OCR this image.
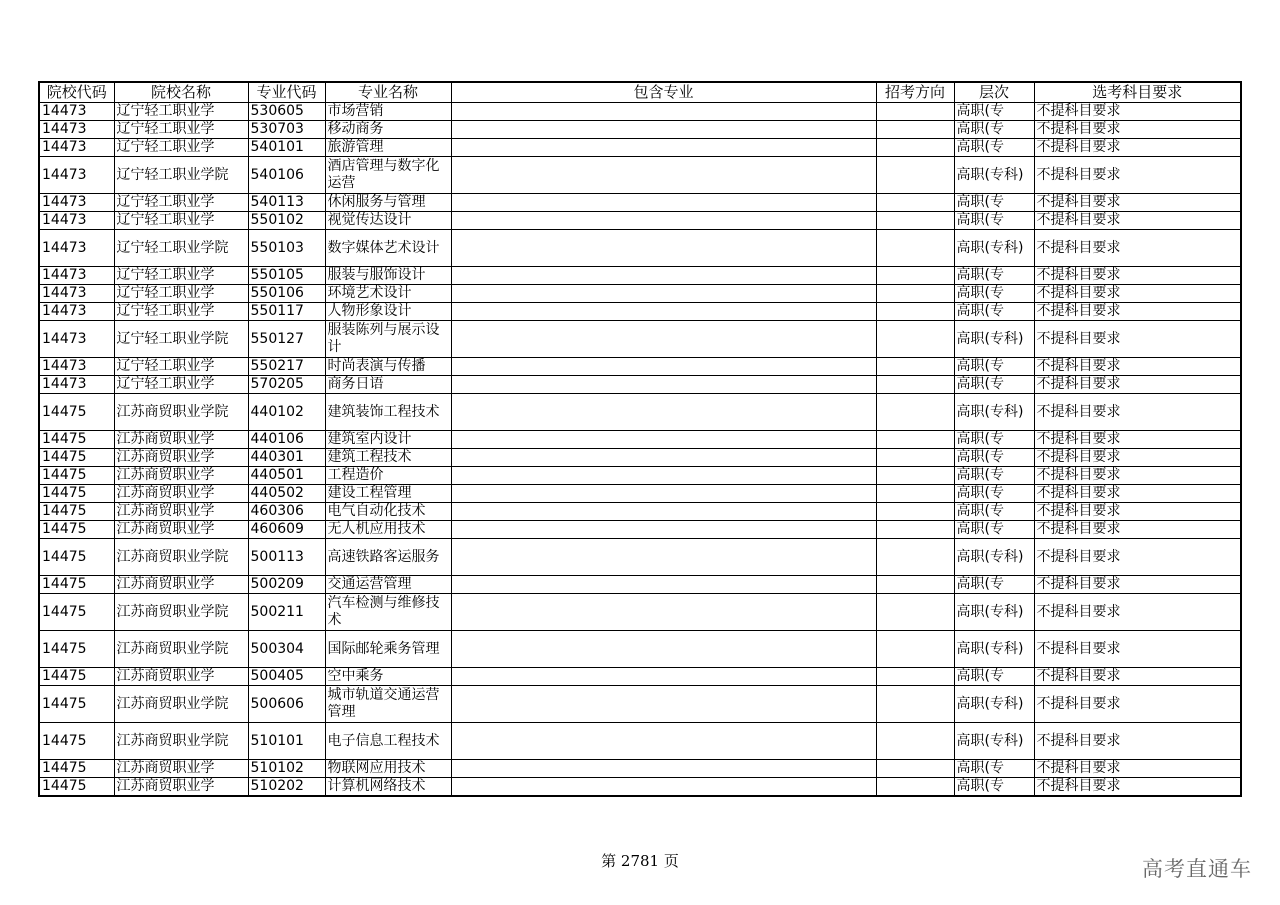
院校代码	院校名称	专业代码	专业名称	包含专业	招考方向	层次	选考科目要求
14473	辽宁轻工职业学	530605	市场营销			高职(专	不提科目要求
14473	辽宁轻工职业学	530703	移动商务			高职(专	不提科目要求
14473	辽宁轻工职业学	540101	旅游管理			高职(专	不提科目要求
14473	辽宁轻工职业学院	540106	酒店管理与数字化运营			高职(专科)	不提科目要求
14473	辽宁轻工职业学	540113	休闲服务与管理			高职(专	不提科目要求
14473	辽宁轻工职业学	550102	视觉传达设计			高职(专	不提科目要求
14473	辽宁轻工职业学院	550103	数字媒体艺术设计			高职(专科)	不提科目要求
14473	辽宁轻工职业学	550105	服装与服饰设计			高职(专	不提科目要求
14473	辽宁轻工职业学	550106	环境艺术设计			高职(专	不提科目要求
14473	辽宁轻工职业学	550117	人物形象设计			高职(专	不提科目要求
14473	辽宁轻工职业学院	550127	服装陈列与展示设计			高职(专科)	不提科目要求
14473	辽宁轻工职业学	550217	时尚表演与传播			高职(专	不提科目要求
14473	辽宁轻工职业学	570205	商务日语			高职(专	不提科目要求
14475	江苏商贸职业学院	440102	建筑装饰工程技术			高职(专科)	不提科目要求
14475	江苏商贸职业学	440106	建筑室内设计			高职(专	不提科目要求
14475	江苏商贸职业学	440301	建筑工程技术			高职(专	不提科目要求
14475	江苏商贸职业学	440501	工程造价			高职(专	不提科目要求
14475	江苏商贸职业学	440502	建设工程管理			高职(专	不提科目要求
14475	江苏商贸职业学	460306	电气自动化技术			高职(专	不提科目要求
14475	江苏商贸职业学	460609	无人机应用技术			高职(专	不提科目要求
14475	江苏商贸职业学院	500113	高速铁路客运服务			高职(专科)	不提科目要求
14475	江苏商贸职业学	500209	交通运营管理			高职(专	不提科目要求
14475	江苏商贸职业学院	500211	汽车检测与维修技术			高职(专科)	不提科目要求
14475	江苏商贸职业学院	500304	国际邮轮乘务管理			高职(专科)	不提科目要求
14475	江苏商贸职业学	500405	空中乘务			高职(专	不提科目要求
14475	江苏商贸职业学院	500606	城市轨道交通运营管理			高职(专科)	不提科目要求
14475	江苏商贸职业学院	510101	电子信息工程技术			高职(专科)	不提科目要求
14475	江苏商贸职业学	510102	物联网应用技术			高职(专	不提科目要求
14475	江苏商贸职业学	510202	计算机网络技术			高职(专	不提科目要求
第 2781 页	高考直通车
